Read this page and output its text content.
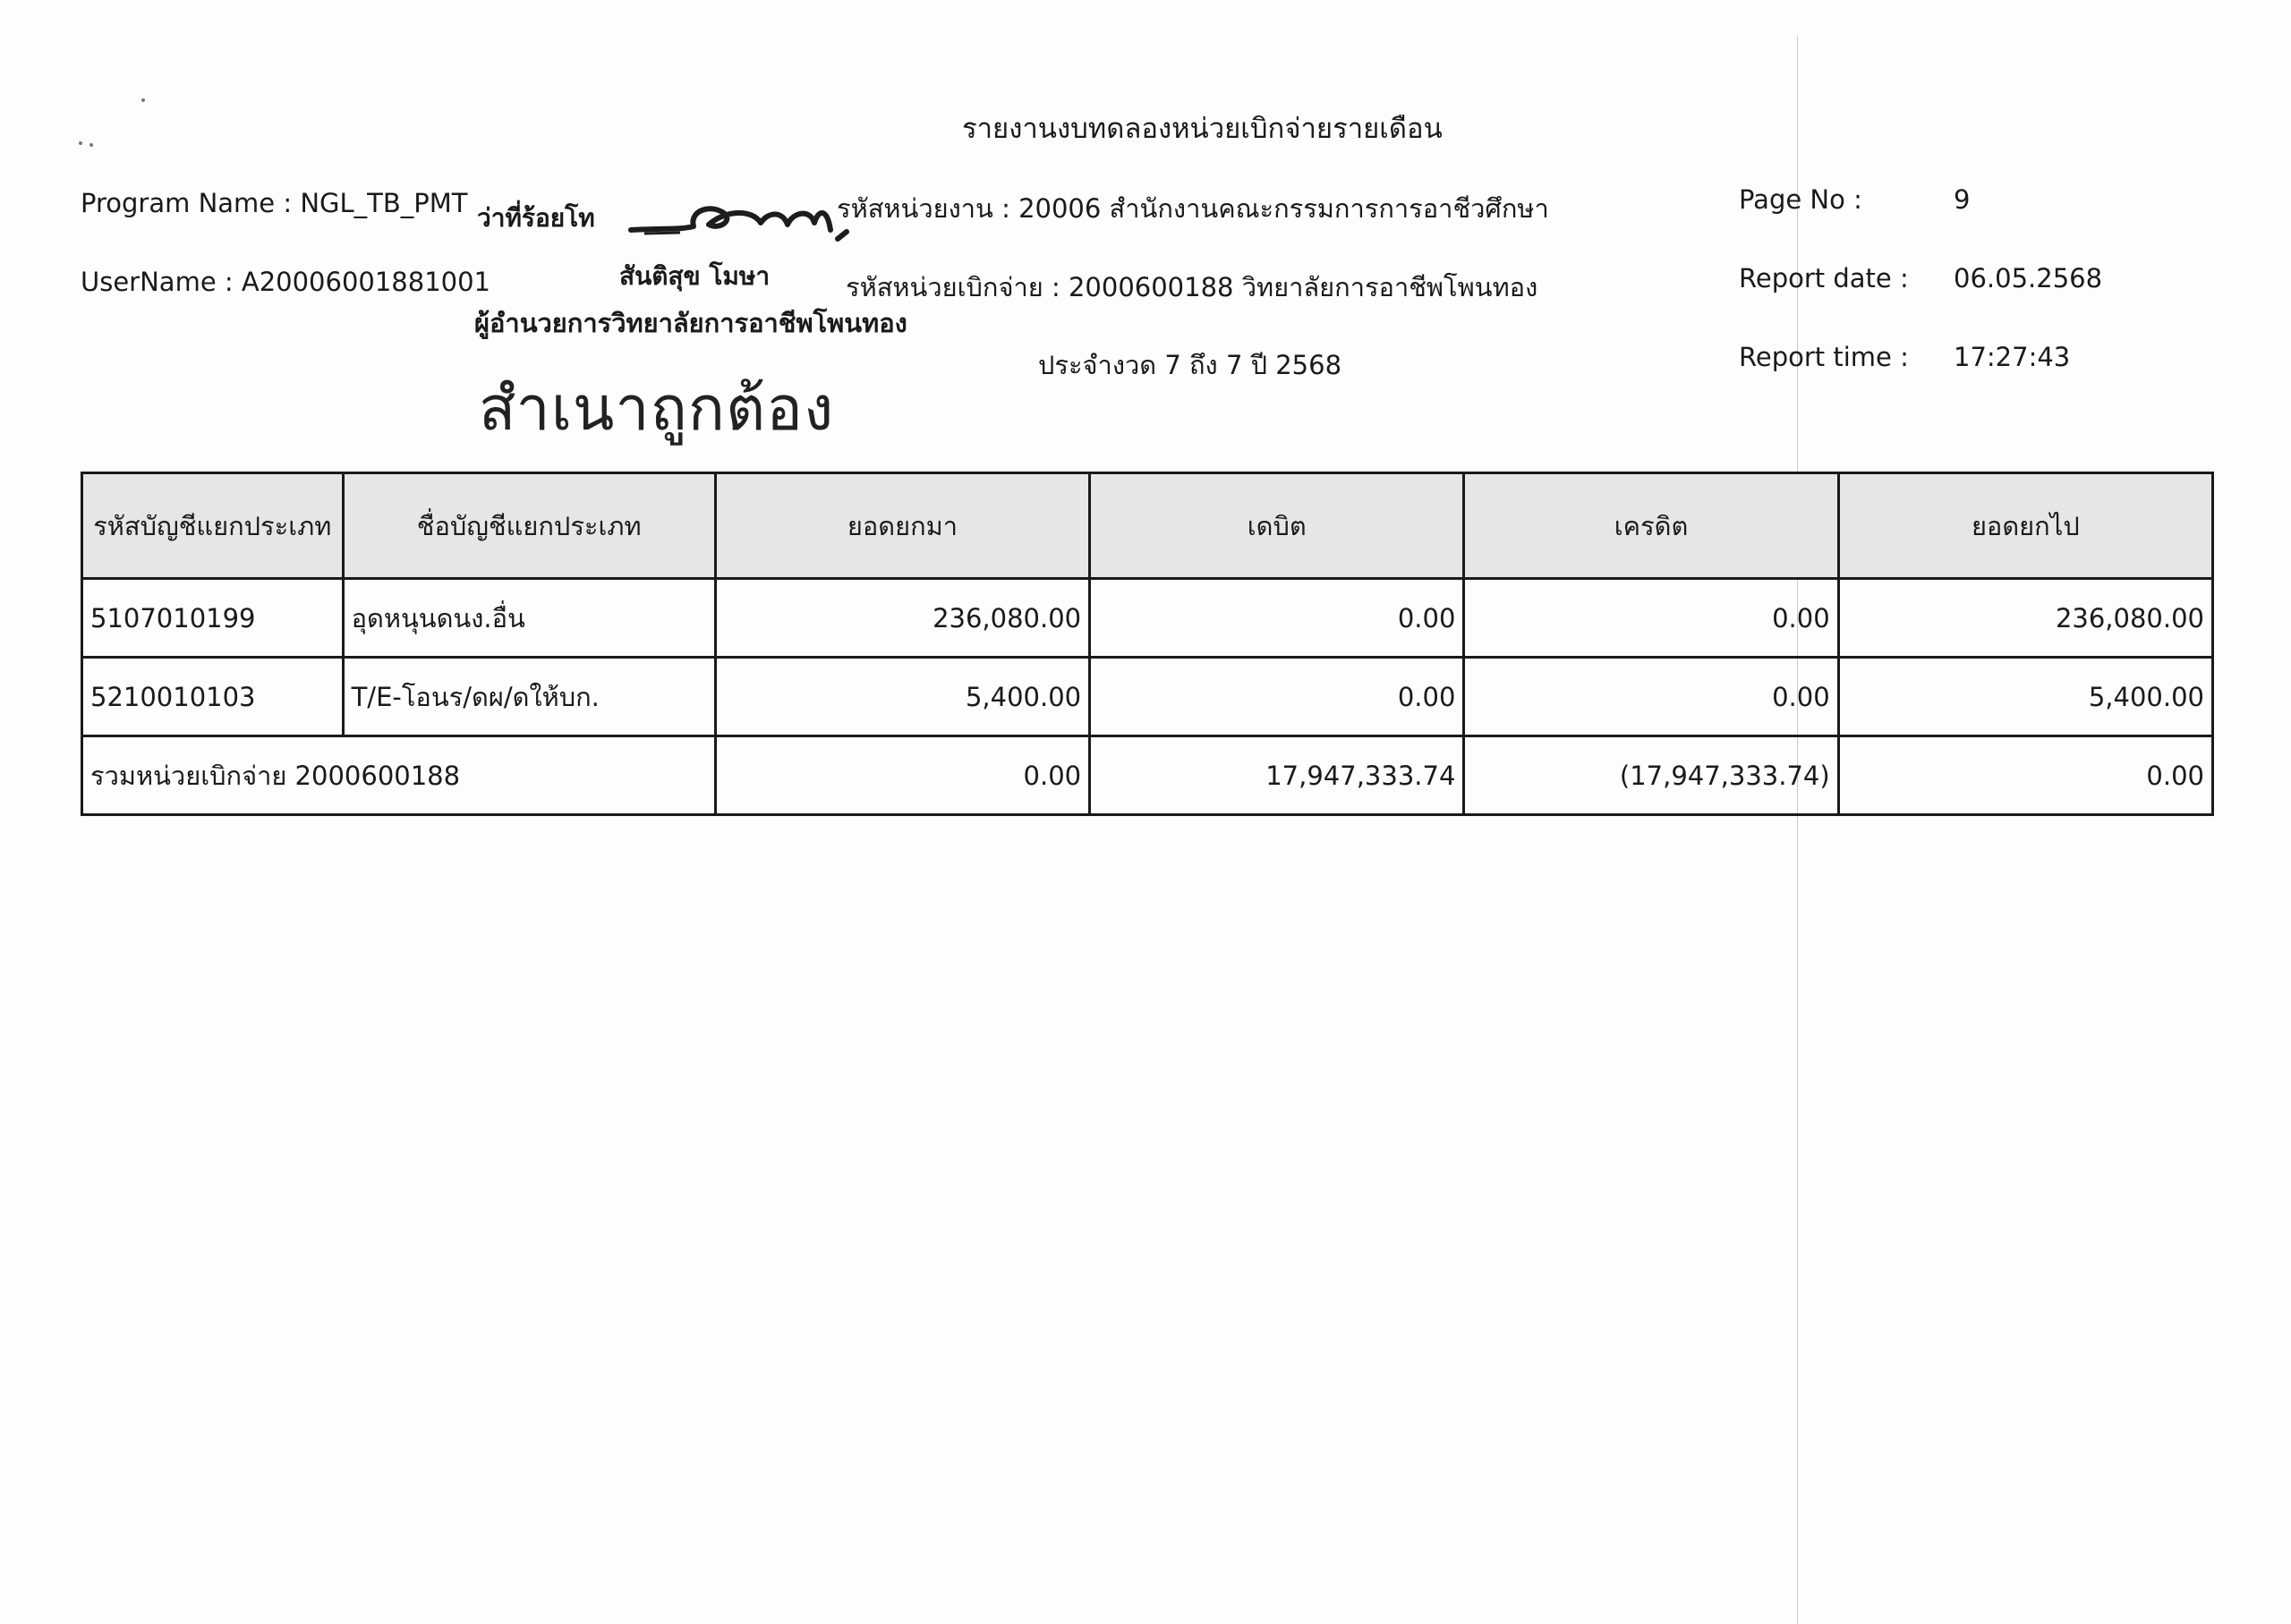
รายงานงบทดลองหน่วยเบิกจ่ายรายเดือน
Program Name : NGL_TB_PMT ว่าที่ร้อยโท	รหัสหน่วยงาน : 20006 สำนักงานคณะกรรมการการอาชีวศึกษา
UserName : A20006001881001	สันติสุข โมษา	รหัสหน่วยเบิกจ่าย : 2000600188 วิทยาลัยการอาชีพโพนทอง
ผู้อำนวยการวิทยาลัยการอาชีพโพนทอง
ประจำงวด 7 ถึง 7 ปี 2568
สำเนาถูกต้อง
Page No :	9
Report date : 06.05.2568
Report time : 17:27:43
รหัสบัญชีแยกประเภท	ชื่อบัญชีแยกประเภท	ยอดยกมา	เดบิต	เครดิต	ยอดยกไป
5107010199	อุดหนุนดนง.อื่น	236,080.00	0.00	0.00	236,080.00
5210010103	T/E-โอนร/ดผ/ดให้บก.	5,400.00	0.00	0.00	5,400.00
รวมหน่วยเบิกจ่าย 2000600188		0.00	17,947,333.74	(17,947,333.74)	0.00
